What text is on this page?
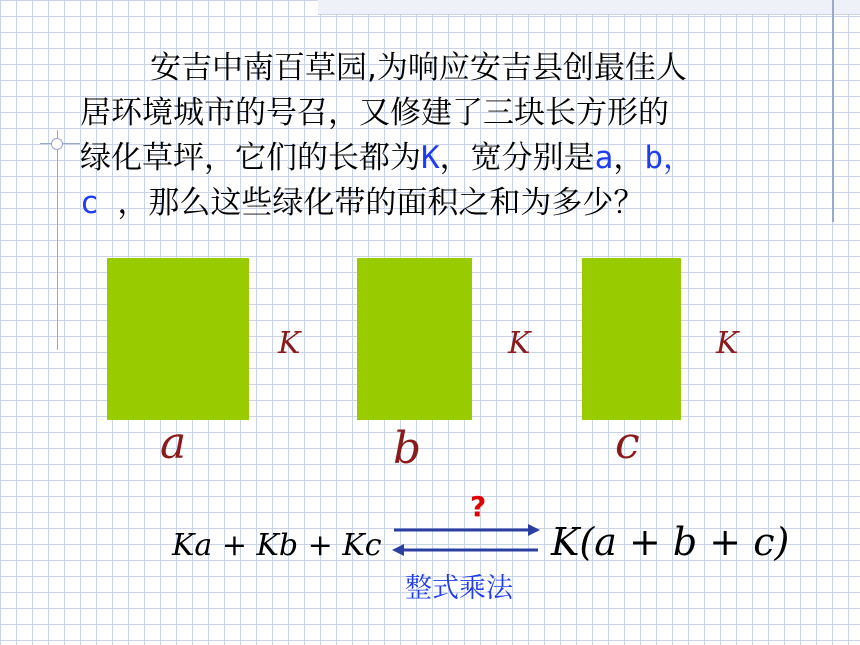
安吉中南百草园,为响应安吉县创最佳人
居环境城市的号召，又修建了三块长方形的
绿化草坪，它们的长都为K，宽分别是a，b，
c ，那么这些绿化带的面积之和为多少？
K	K	K
a	b	c
?
Ka + Kb + Kc	K(a + b + c)
整式乘法
